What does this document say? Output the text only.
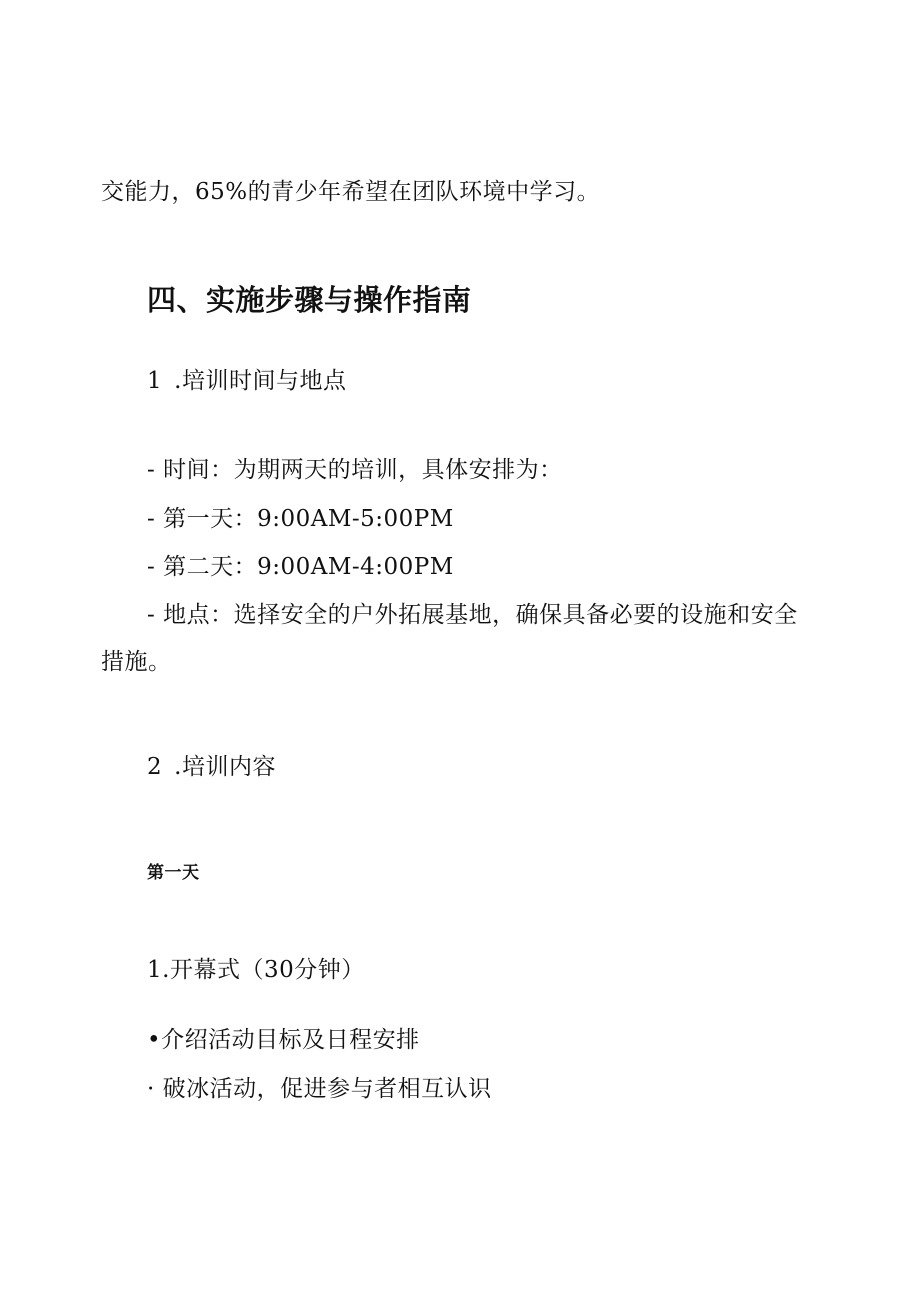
交能力，65%的青少年希望在团队环境中学习。
四、实施步骤与操作指南
1 .培训时间与地点
- 时间：为期两天的培训，具体安排为：
- 第一天：9:00AM-5:00PM
- 第二天：9:00AM-4:00PM
- 地点：选择安全的户外拓展基地，确保具备必要的设施和安全
措施。
2 .培训内容
第一天
1.开幕式（30分钟）
•介绍活动目标及日程安排
· 破冰活动，促进参与者相互认识
